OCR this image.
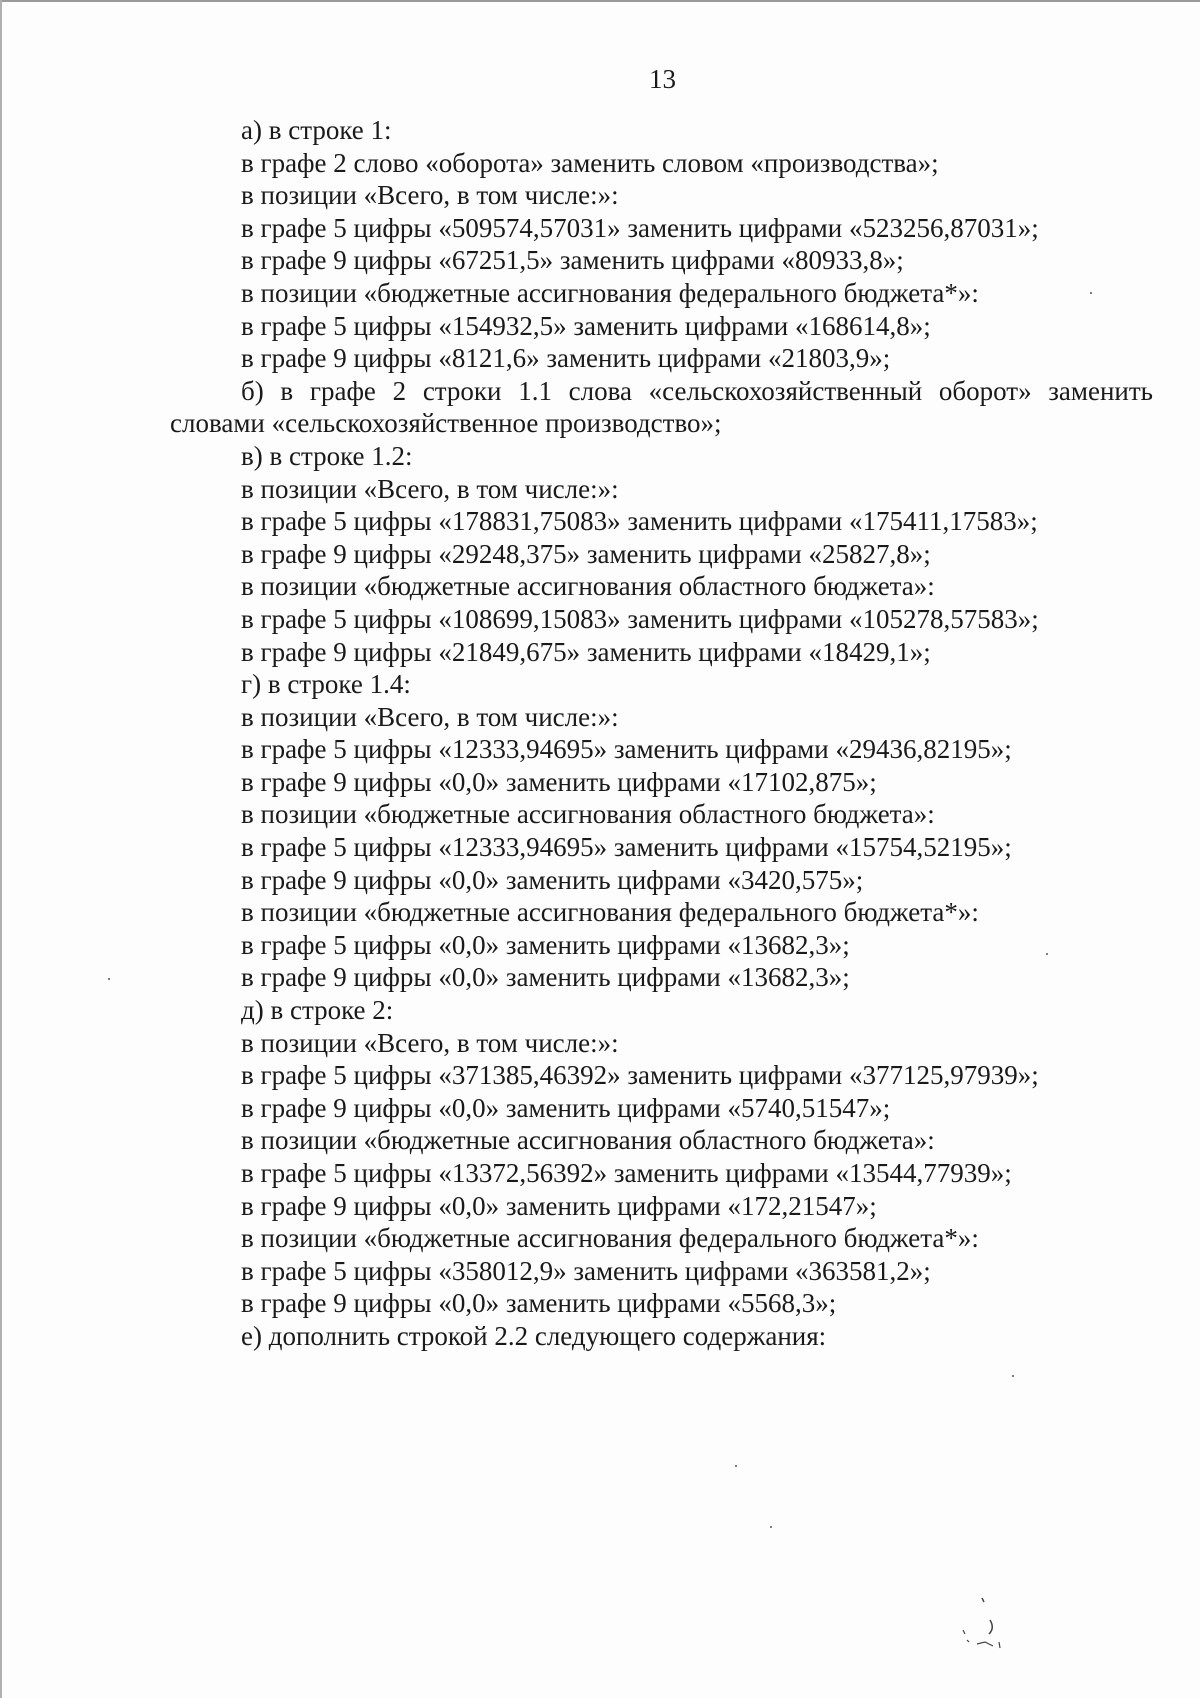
13
а) в строке 1:
в графе 2 слово «оборота» заменить словом «производства»;
в позиции «Всего, в том числе:»:
в графе 5 цифры «509574,57031» заменить цифрами «523256,87031»;
в графе 9 цифры «67251,5» заменить цифрами «80933,8»;
в позиции «бюджетные ассигнования федерального бюджета*»:
в графе 5 цифры «154932,5» заменить цифрами «168614,8»;
в графе 9 цифры «8121,6» заменить цифрами «21803,9»;
б) в графе 2 строки 1.1 слова «сельскохозяйственный оборот» заменить
словами «сельскохозяйственное производство»;
в) в строке 1.2:
в позиции «Всего, в том числе:»:
в графе 5 цифры «178831,75083» заменить цифрами «175411,17583»;
в графе 9 цифры «29248,375» заменить цифрами «25827,8»;
в позиции «бюджетные ассигнования областного бюджета»:
в графе 5 цифры «108699,15083» заменить цифрами «105278,57583»;
в графе 9 цифры «21849,675» заменить цифрами «18429,1»;
г) в строке 1.4:
в позиции «Всего, в том числе:»:
в графе 5 цифры «12333,94695» заменить цифрами «29436,82195»;
в графе 9 цифры «0,0» заменить цифрами «17102,875»;
в позиции «бюджетные ассигнования областного бюджета»:
в графе 5 цифры «12333,94695» заменить цифрами «15754,52195»;
в графе 9 цифры «0,0» заменить цифрами «3420,575»;
в позиции «бюджетные ассигнования федерального бюджета*»:
в графе 5 цифры «0,0» заменить цифрами «13682,3»;
в графе 9 цифры «0,0» заменить цифрами «13682,3»;
д) в строке 2:
в позиции «Всего, в том числе:»:
в графе 5 цифры «371385,46392» заменить цифрами «377125,97939»;
в графе 9 цифры «0,0» заменить цифрами «5740,51547»;
в позиции «бюджетные ассигнования областного бюджета»:
в графе 5 цифры «13372,56392» заменить цифрами «13544,77939»;
в графе 9 цифры «0,0» заменить цифрами «172,21547»;
в позиции «бюджетные ассигнования федерального бюджета*»:
в графе 5 цифры «358012,9» заменить цифрами «363581,2»;
в графе 9 цифры «0,0» заменить цифрами «5568,3»;
е) дополнить строкой 2.2 следующего содержания:
